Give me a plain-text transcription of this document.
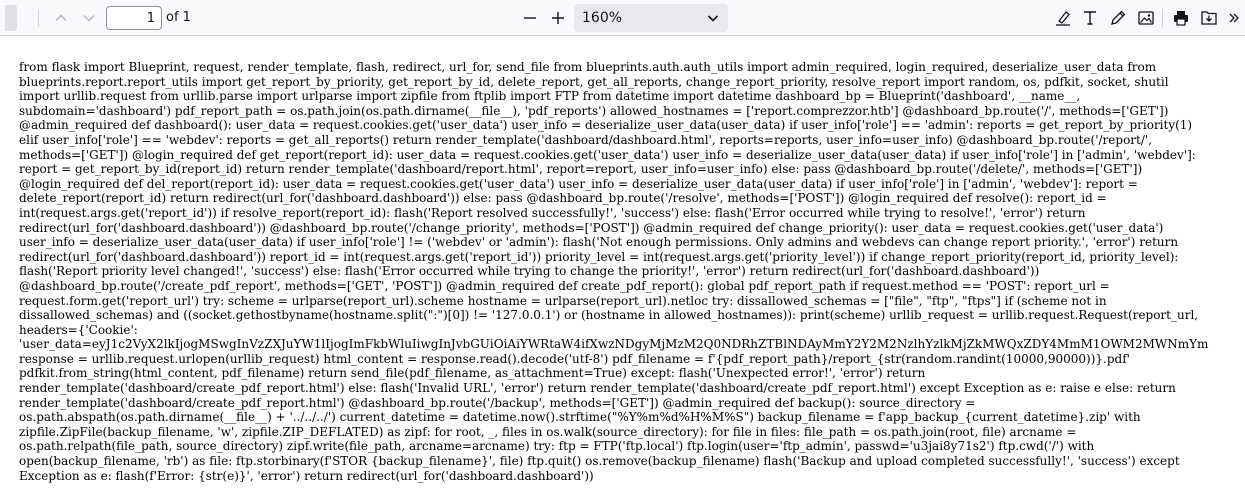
1
of 1	160%
from flask import Blueprint, request, render_template, flash, redirect, url_for, send_file from blueprints.auth.auth_utils import admin_required, login_required, deserialize_user_data from
blueprints.report.report_utils import get_report_by_priority, get_report_by_id, delete_report, get_all_reports, change_report_priority, resolve_report import random, os, pdfkit, socket, shutil
import urllib.request from urllib.parse import urlparse import zipfile from ftplib import FTP from datetime import datetime dashboard_bp = Blueprint('dashboard', __name__,
subdomain='dashboard') pdf_report_path = os.path.join(os.path.dirname(__file__), 'pdf_reports') allowed_hostnames = ['report.comprezzor.htb'] @dashboard_bp.route('/', methods=['GET'])
@admin_required def dashboard(): user_data = request.cookies.get('user_data') user_info = deserialize_user_data(user_data) if user_info['role'] == 'admin': reports = get_report_by_priority(1)
elif user_info['role'] == 'webdev': reports = get_all_reports() return render_template('dashboard/dashboard.html', reports=reports, user_info=user_info) @dashboard_bp.route('/report/',
methods=['GET']) @login_required def get_report(report_id): user_data = request.cookies.get('user_data') user_info = deserialize_user_data(user_data) if user_info['role'] in ['admin', 'webdev']:
report = get_report_by_id(report_id) return render_template('dashboard/report.html', report=report, user_info=user_info) else: pass @dashboard_bp.route('/delete/', methods=['GET'])
@login_required def del_report(report_id): user_data = request.cookies.get('user_data') user_info = deserialize_user_data(user_data) if user_info['role'] in ['admin', 'webdev']: report =
delete_report(report_id) return redirect(url_for('dashboard.dashboard')) else: pass @dashboard_bp.route('/resolve', methods=['POST']) @login_required def resolve(): report_id =
int(request.args.get('report_id')) if resolve_report(report_id): flash('Report resolved successfully!', 'success') else: flash('Error occurred while trying to resolve!', 'error') return
redirect(url_for('dashboard.dashboard')) @dashboard_bp.route('/change_priority', methods=['POST']) @admin_required def change_priority(): user_data = request.cookies.get('user_data')
user_info = deserialize_user_data(user_data) if user_info['role'] != ('webdev' or 'admin'): flash('Not enough permissions. Only admins and webdevs can change report priority.', 'error') return
redirect(url_for('dashboard.dashboard')) report_id = int(request.args.get('report_id')) priority_level = int(request.args.get('priority_level')) if change_report_priority(report_id, priority_level):
flash('Report priority level changed!', 'success') else: flash('Error occurred while trying to change the priority!', 'error') return redirect(url_for('dashboard.dashboard'))
@dashboard_bp.route('/create_pdf_report', methods=['GET', 'POST']) @admin_required def create_pdf_report(): global pdf_report_path if request.method == 'POST': report_url =
request.form.get('report_url') try: scheme = urlparse(report_url).scheme hostname = urlparse(report_url).netloc try: dissallowed_schemas = ["file", "ftp", "ftps"] if (scheme not in
dissallowed_schemas) and ((socket.gethostbyname(hostname.split(":")[0]) != '127.0.0.1') or (hostname in allowed_hostnames)): print(scheme) urllib_request = urllib.request.Request(report_url,
headers={'Cookie':
'user_data=eyJ1c2VyX2lkIjogMSwgInVzZXJuYW1lIjogImFkbWluIiwgInJvbGUiOiAiYWRtaW4ifXwzNDgyMjMzM2Q0NDRhZTBlNDAyMmY2Y2M2NzlhYzlkMjZkMWQxZDY4MmM1OWM2MWNmYm
response = urllib.request.urlopen(urllib_request) html_content = response.read().decode('utf-8') pdf_filename = f'{pdf_report_path}/report_{str(random.randint(10000,90000))}.pdf'
pdfkit.from_string(html_content, pdf_filename) return send_file(pdf_filename, as_attachment=True) except: flash('Unexpected error!', 'error') return
render_template('dashboard/create_pdf_report.html') else: flash('Invalid URL', 'error') return render_template('dashboard/create_pdf_report.html') except Exception as e: raise e else: return
render_template('dashboard/create_pdf_report.html') @dashboard_bp.route('/backup', methods=['GET']) @admin_required def backup(): source_directory =
os.path.abspath(os.path.dirname(__file__) + '../../../') current_datetime = datetime.now().strftime("%Y%m%d%H%M%S") backup_filename = f'app_backup_{current_datetime}.zip' with
zipfile.ZipFile(backup_filename, 'w', zipfile.ZIP_DEFLATED) as zipf: for root, _, files in os.walk(source_directory): for file in files: file_path = os.path.join(root, file) arcname =
os.path.relpath(file_path, source_directory) zipf.write(file_path, arcname=arcname) try: ftp = FTP('ftp.local') ftp.login(user='ftp_admin', passwd='u3jai8y71s2') ftp.cwd('/') with
open(backup_filename, 'rb') as file: ftp.storbinary(f'STOR {backup_filename}', file) ftp.quit() os.remove(backup_filename) flash('Backup and upload completed successfully!', 'success') except
Exception as e: flash(f'Error: {str(e)}', 'error') return redirect(url_for('dashboard.dashboard'))
